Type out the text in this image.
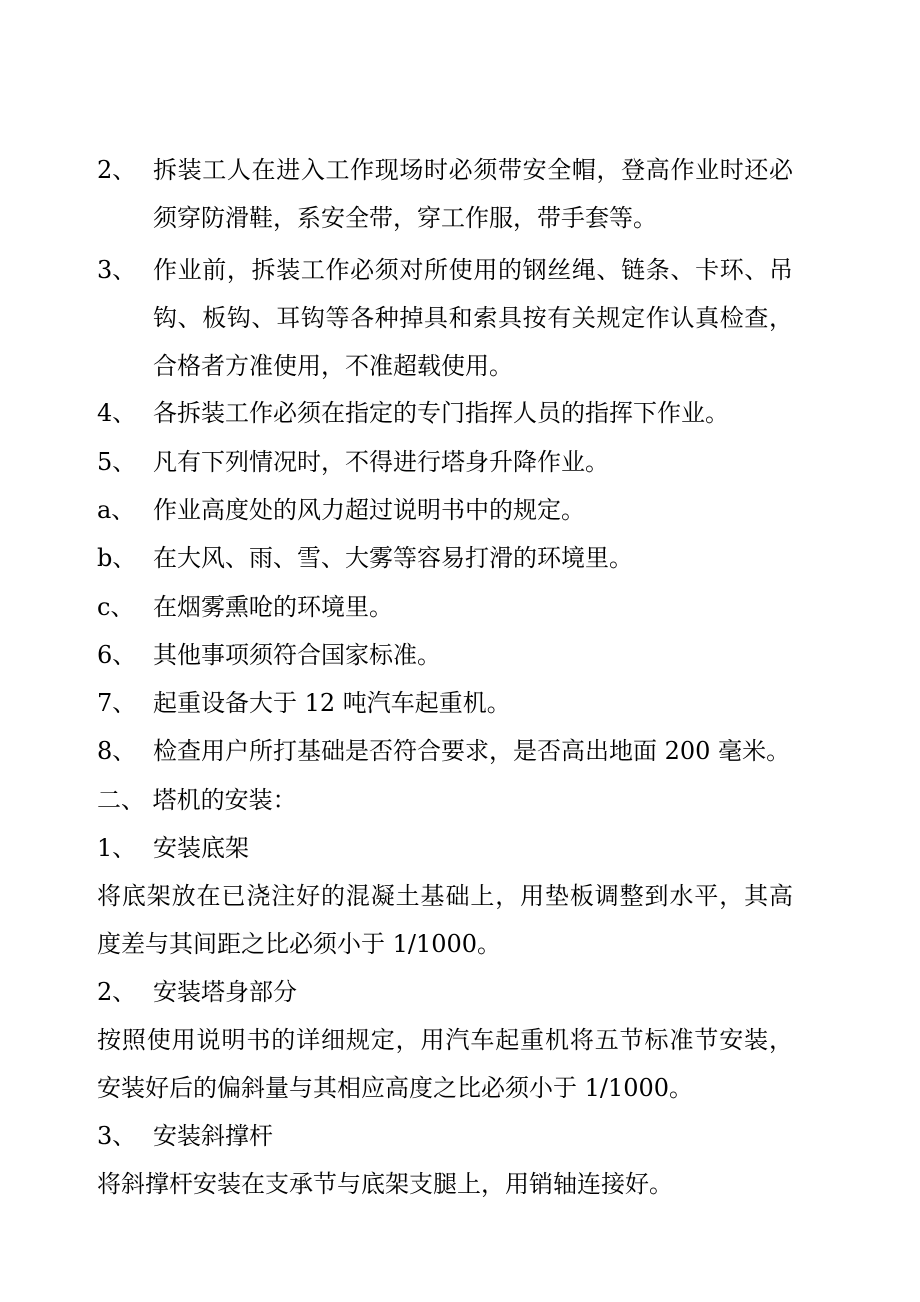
2、 拆装工人在进入工作现场时必须带安全帽，登高作业时还必
须穿防滑鞋，系安全带，穿工作服，带手套等。
3、 作业前，拆装工作必须对所使用的钢丝绳、链条、卡环、吊
钩、板钩、耳钩等各种掉具和索具按有关规定作认真检查，
合格者方准使用，不准超载使用。
4、 各拆装工作必须在指定的专门指挥人员的指挥下作业。
5、 凡有下列情况时，不得进行塔身升降作业。
a、 作业高度处的风力超过说明书中的规定。
b、 在大风、雨、雪、大雾等容易打滑的环境里。
c、 在烟雾熏呛的环境里。
6、 其他事项须符合国家标准。
7、 起重设备大于 12 吨汽车起重机。
8、 检查用户所打基础是否符合要求，是否高出地面 200 毫米。
二、 塔机的安装：
1、 安装底架
将底架放在已浇注好的混凝土基础上，用垫板调整到水平，其高
度差与其间距之比必须小于 1/1000。
2、 安装塔身部分
按照使用说明书的详细规定，用汽车起重机将五节标准节安装，
安装好后的偏斜量与其相应高度之比必须小于 1/1000。
3、 安装斜撑杆
将斜撑杆安装在支承节与底架支腿上，用销轴连接好。
